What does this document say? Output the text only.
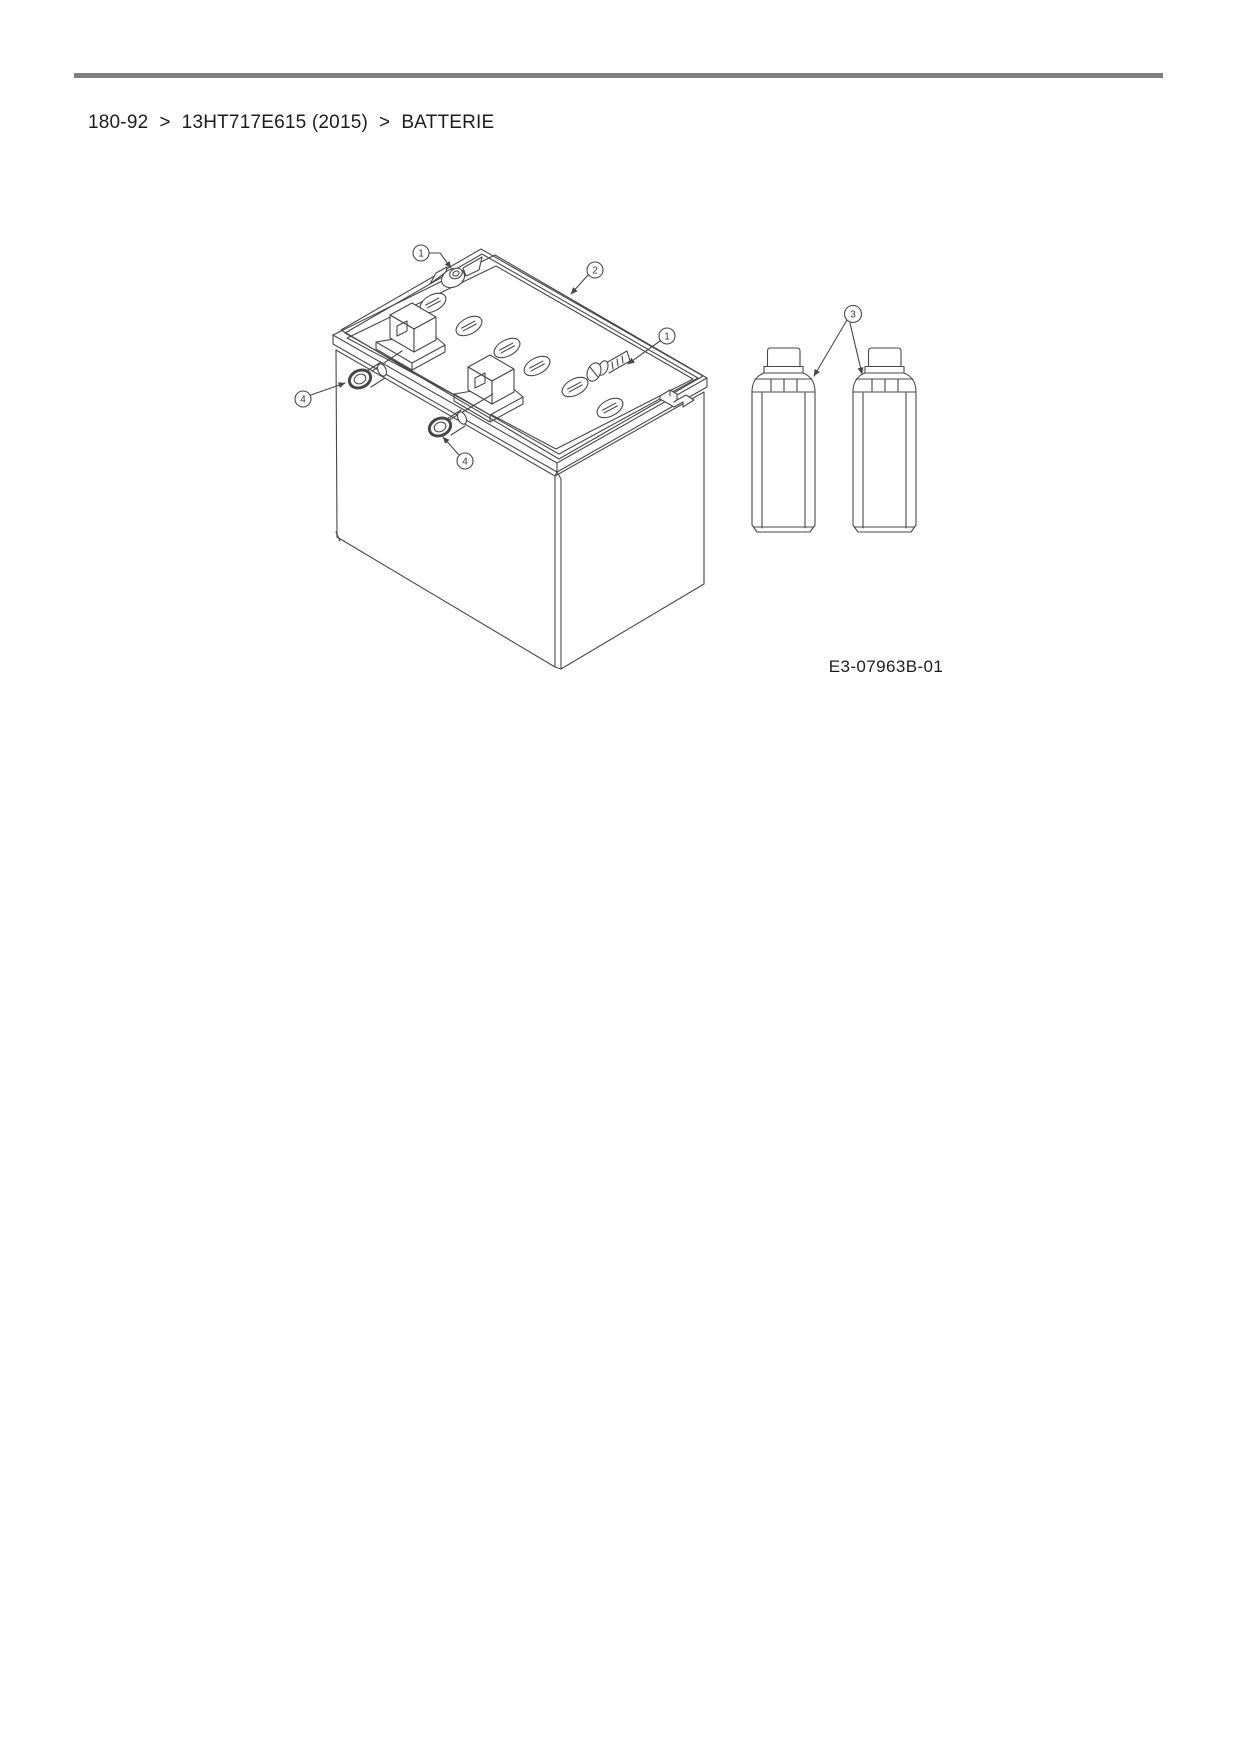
180-92 > 13HT717E615 (2015) > BATTERIE
1
2
1
3
4
4
E3-07963B-01
